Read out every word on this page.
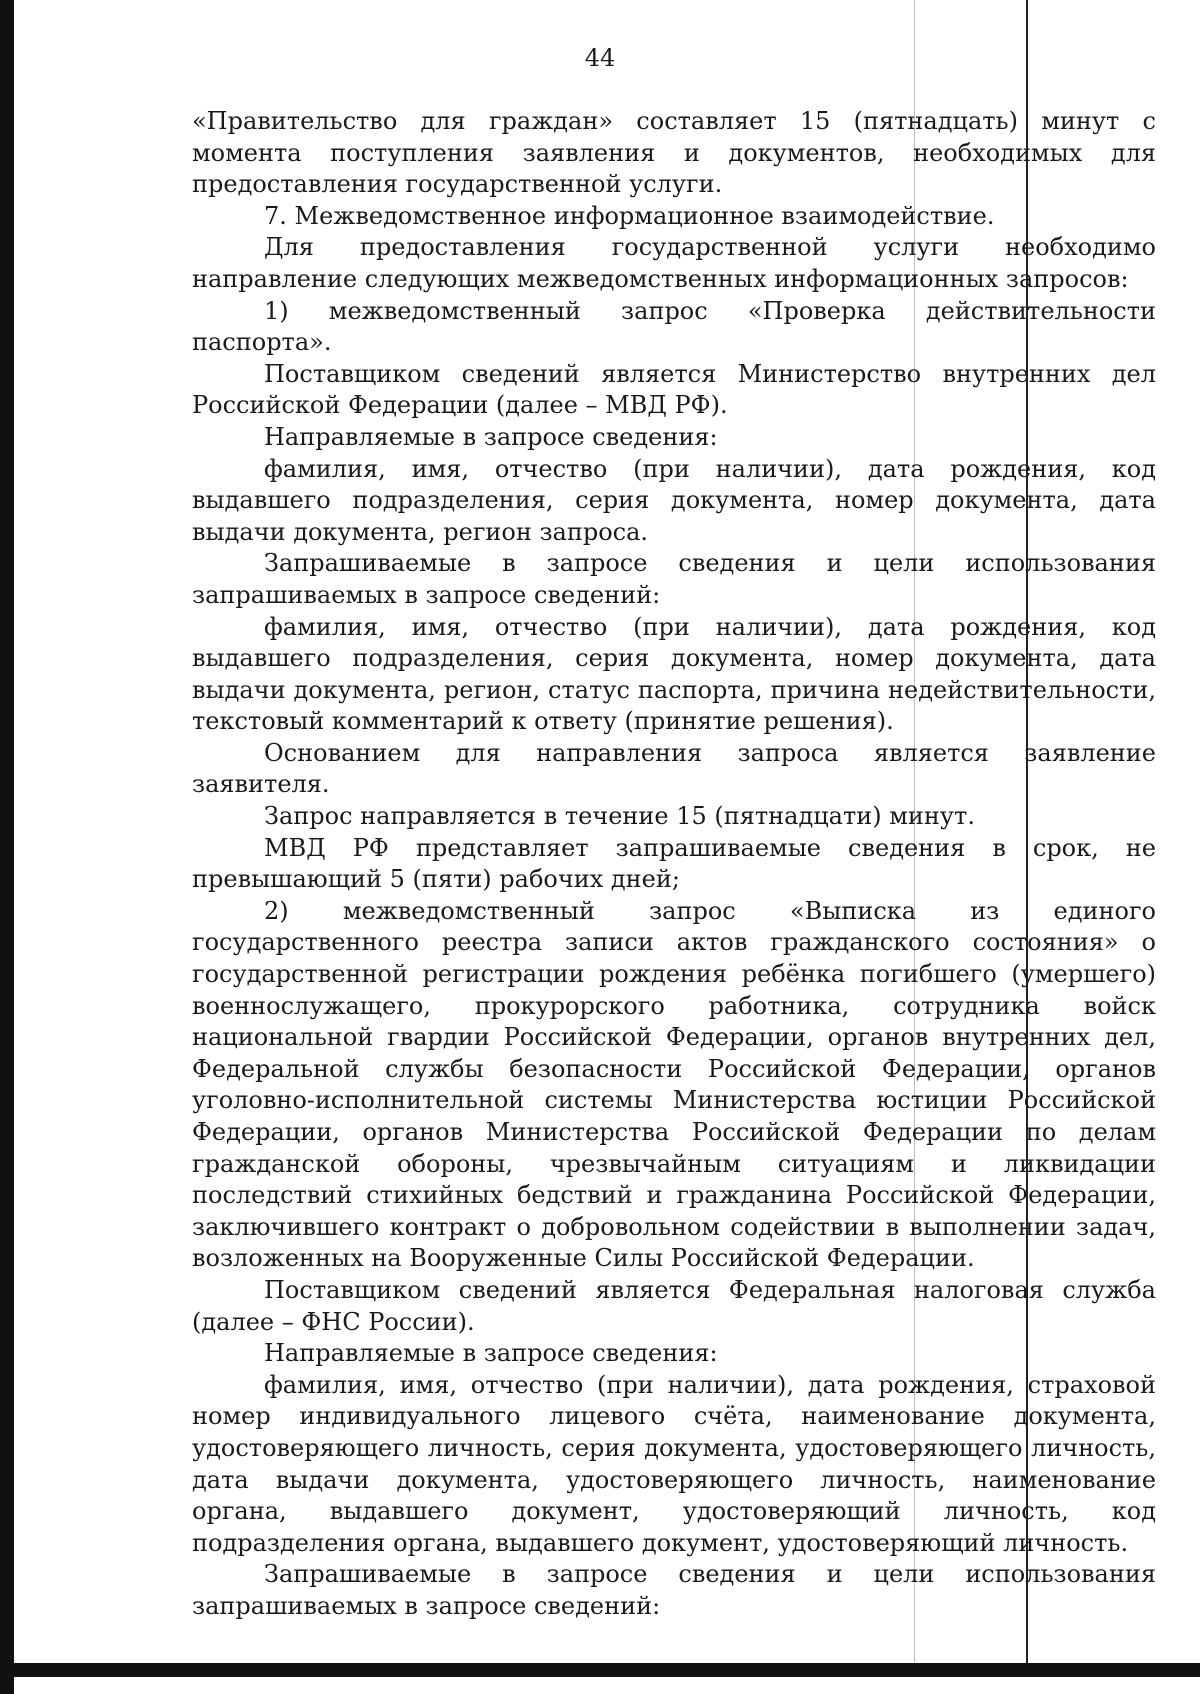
44

«Правительство для граждан» составляет 15 (пятнадцать) минут с момента поступления заявления и документов, необходимых для предоставления государственной услуги.

7. Межведомственное информационное взаимодействие.

Для предоставления государственной услуги необходимо направление следующих межведомственных информационных запросов:

1) межведомственный запрос «Проверка действительности паспорта».

Поставщиком сведений является Министерство внутренних дел Российской Федерации (далее – МВД РФ).

Направляемые в запросе сведения:

фамилия, имя, отчество (при наличии), дата рождения, код выдавшего подразделения, серия документа, номер документа, дата выдачи документа, регион запроса.

Запрашиваемые в запросе сведения и цели использования запрашиваемых в запросе сведений:

фамилия, имя, отчество (при наличии), дата рождения, код выдавшего подразделения, серия документа, номер документа, дата выдачи документа, регион, статус паспорта, причина недействительности, текстовый комментарий к ответу (принятие решения).

Основанием для направления запроса является заявление заявителя.

Запрос направляется в течение 15 (пятнадцати) минут.

МВД РФ представляет запрашиваемые сведения в срок, не превышающий 5 (пяти) рабочих дней;

2) межведомственный запрос «Выписка из единого государственного реестра записи актов гражданского состояния» о государственной регистрации рождения ребёнка погибшего (умершего) военнослужащего, прокурорского работника, сотрудника войск национальной гвардии Российской Федерации, органов внутренних дел, Федеральной службы безопасности Российской Федерации, органов уголовно-исполнительной системы Министерства юстиции Российской Федерации, органов Министерства Российской Федерации по делам гражданской обороны, чрезвычайным ситуациям и ликвидации последствий стихийных бедствий и гражданина Российской Федерации, заключившего контракт о добровольном содействии в выполнении задач, возложенных на Вооруженные Силы Российской Федерации.

Поставщиком сведений является Федеральная налоговая служба (далее – ФНС России).

Направляемые в запросе сведения:

фамилия, имя, отчество (при наличии), дата рождения, страховой номер индивидуального лицевого счёта, наименование документа, удостоверяющего личность, серия документа, удостоверяющего личность, дата выдачи документа, удостоверяющего личность, наименование органа, выдавшего документ, удостоверяющий личность, код подразделения органа, выдавшего документ, удостоверяющий личность.

Запрашиваемые в запросе сведения и цели использования запрашиваемых в запросе сведений:
